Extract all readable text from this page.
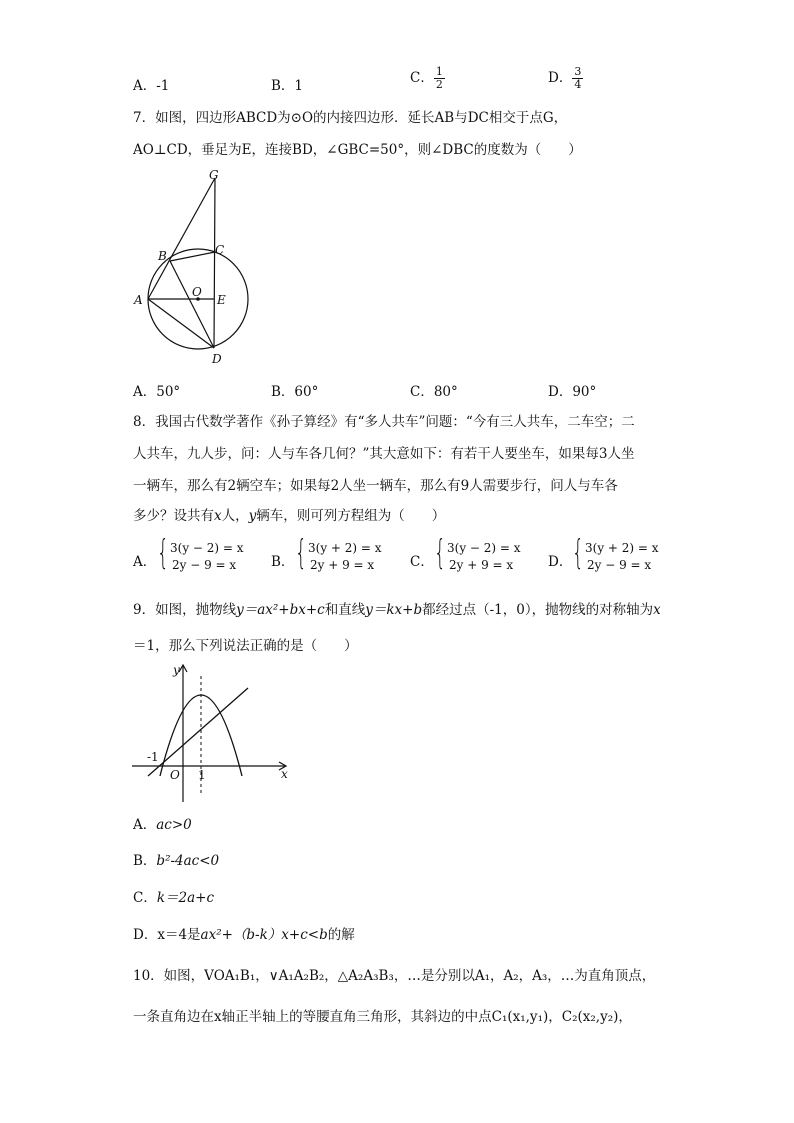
A．-1	B．1	C． $\frac{1}{2}$	D． $\frac{3}{4}$
7．如图，四边形ABCD为⊙O的内接四边形．延长AB与DC相交于点G，
AO⊥CD，垂足为E，连接BD，∠GBC=50°，则∠DBC的度数为（　　）
G
B	C
O
A	E
D
A．50°	B．60°	C．80°	D．90°
8．我国古代数学著作《孙子算经》有“多人共车”问题：“今有三人共车，二车空；二
人共车，九人步，问：人与车各几何？”其大意如下：有若干人要坐车，如果每3人坐
一辆车，那么有2辆空车；如果每2人坐一辆车，那么有9人需要步行，问人与车各
多少？设共有x人，y辆车，则可列方程组为（　　）
A． { 3(y − 2) = x
2y − 9 = x	B． { 3(y + 2) = x
2y + 9 = x	C． { 3(y − 2) = x
2y + 9 = x	D． { 3(y + 2) = x
2y − 9 = x
9．如图，抛物线y＝ax²+bx+c和直线y＝kx+b都经过点（-1，0），抛物线的对称轴为x
＝1，那么下列说法正确的是（　　）
y
x
-1
O 1
A．ac>0
B．b²-4ac<0
C．k＝2a+c
D．x＝4是ax²+（b-k）x+c<b的解
10．如图，VOA₁B₁，∨A₁A₂B₂，△A₂A₃B₃，…是分别以A₁，A₂，A₃，…为直角顶点，
一条直角边在x轴正半轴上的等腰直角三角形，其斜边的中点C₁(x₁,y₁)，C₂(x₂,y₂)，
